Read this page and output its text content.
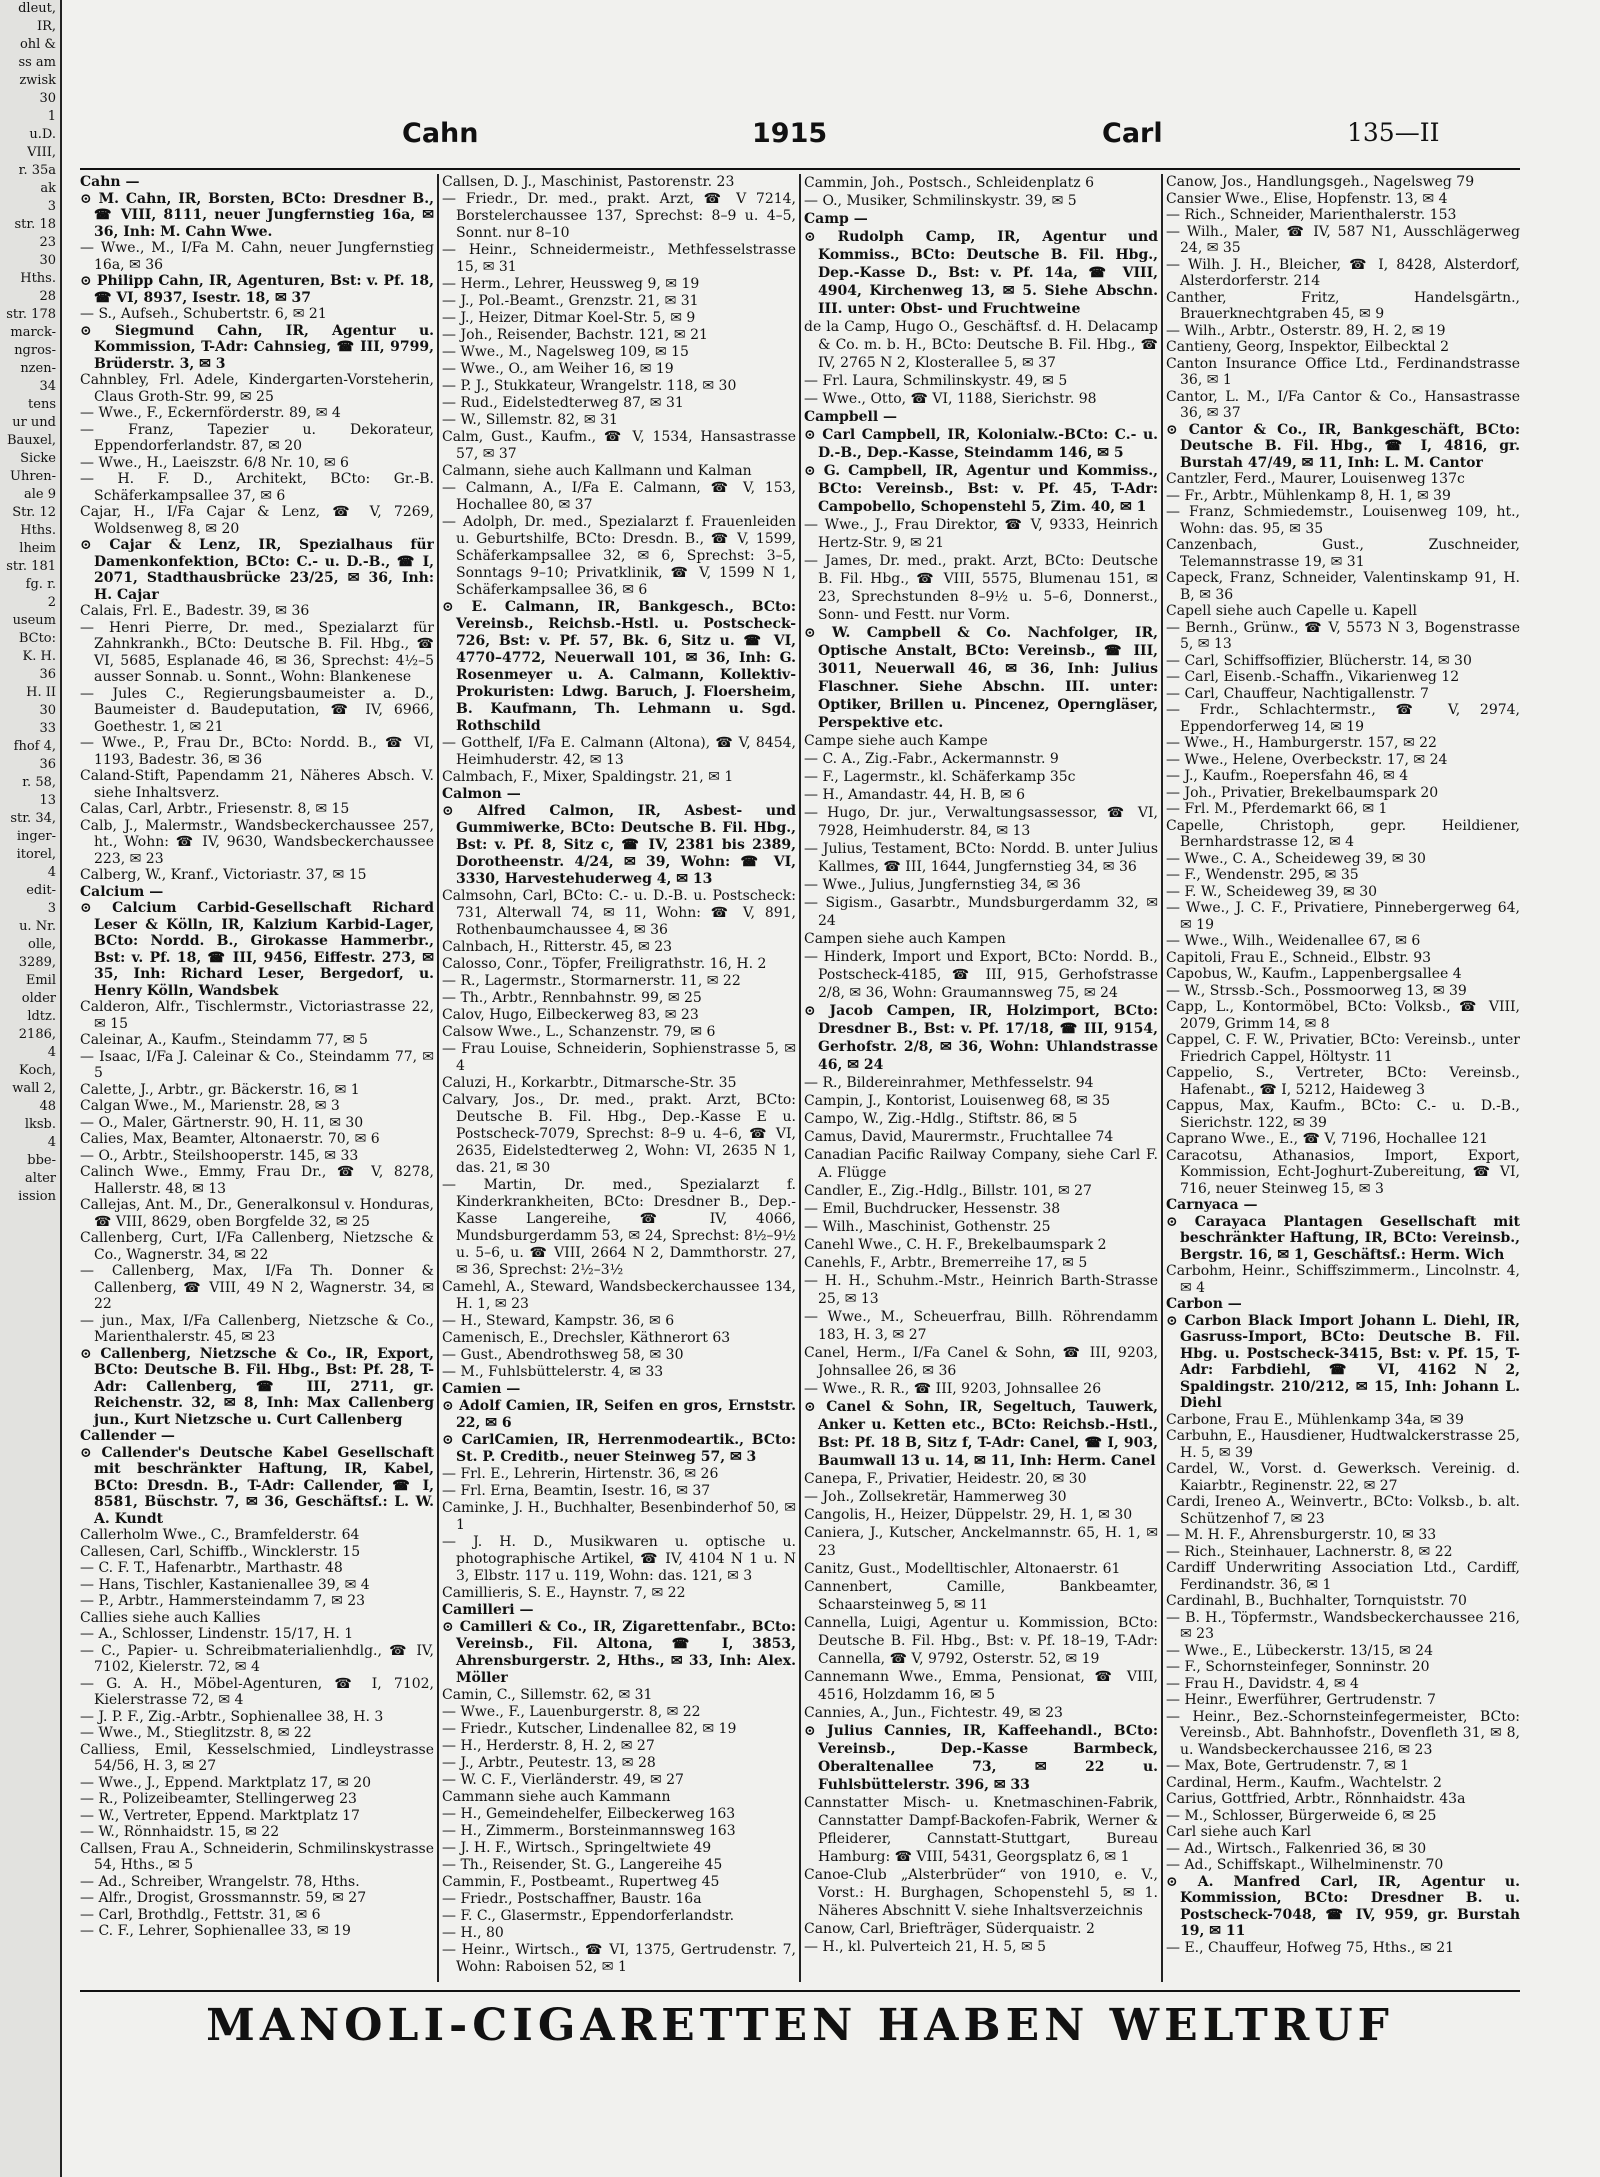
dleut,
IR,
ohl &
ss am
zwisk
30
1
u.D.
VIII,
r. 35a
ak
3
str. 18
23
30
Hths.
28
str. 178
marck-
ngros-
nzen-
34
tens
ur und
Bauxel,
Sicke
Uhren-
ale 9
Str. 12
Hths.
lheim
str. 181
fg. r.
2
useum
BCto:
K. H.
36
H. II
30
33
fhof 4,
36
r. 58,
13
str. 34,
inger-
itorel,
4
edit-
3
u. Nr.
olle,
3289,
Emil
older
ldtz.
2186,
4
Koch,
wall 2,
48
lksb.
4
bbe-
alter
ission
Cahn	1915	Carl	135—II

Cahn —

⊙ M. Cahn, IR, Borsten, BCto: Dresdner B., ☎ VIII, 8111, neuer Jungfernstieg 16a, ✉ 36, Inh: M. Cahn Wwe.

— Wwe., M., I/Fa M. Cahn, neuer Jungfernstieg 16a, ✉ 36

⊙ Philipp Cahn, IR, Agenturen, Bst: v. Pf. 18, ☎ VI, 8937, Isestr. 18, ✉ 37

— S., Aufseh., Schubertstr. 6, ✉ 21

⊙ Siegmund Cahn, IR, Agentur u. Kommission, T-Adr: Cahnsieg, ☎ III, 9799, Brüderstr. 3, ✉ 3

Cahnbley, Frl. Adele, Kindergarten-Vorsteherin, Claus Groth-Str. 99, ✉ 25

— Wwe., F., Eckernförderstr. 89, ✉ 4

— Franz, Tapezier u. Dekorateur, Eppendorferlandstr. 87, ✉ 20

— Wwe., H., Laeiszstr. 6/8 Nr. 10, ✉ 6

— H. F. D., Architekt, BCto: Gr.-B. Schäferkampsallee 37, ✉ 6

Cajar, H., I/Fa Cajar & Lenz, ☎ V, 7269, Woldsenweg 8, ✉ 20

⊙ Cajar & Lenz, IR, Spezialhaus für Damenkonfektion, BCto: C.- u. D.-B., ☎ I, 2071, Stadthausbrücke 23/25, ✉ 36, Inh: H. Cajar

Calais, Frl. E., Badestr. 39, ✉ 36

— Henri Pierre, Dr. med., Spezialarzt für Zahnkrankh., BCto: Deutsche B. Fil. Hbg., ☎ VI, 5685, Esplanade 46, ✉ 36, Sprechst: 4½–5 ausser Sonnab. u. Sonnt., Wohn: Blankenese

— Jules C., Regierungsbaumeister a. D., Baumeister d. Baudeputation, ☎ IV, 6966, Goethestr. 1, ✉ 21

— Wwe., P., Frau Dr., BCto: Nordd. B., ☎ VI, 1193, Badestr. 36, ✉ 36

Caland-Stift, Papendamm 21, Näheres Absch. V. siehe Inhaltsverz.

Calas, Carl, Arbtr., Friesenstr. 8, ✉ 15

Calb, J., Malermstr., Wandsbeckerchaussee 257, ht., Wohn: ☎ IV, 9630, Wandsbeckerchaussee 223, ✉ 23

Calberg, W., Kranf., Victoriastr. 37, ✉ 15

Calcium —

⊙ Calcium Carbid-Gesellschaft Richard Leser & Kölln, IR, Kalzium Karbid-Lager, BCto: Nordd. B., Girokasse Hammerbr., Bst: v. Pf. 18, ☎ III, 9456, Eiffestr. 273, ✉ 35, Inh: Richard Leser, Bergedorf, u. Henry Kölln, Wandsbek

Calderon, Alfr., Tischlermstr., Victoriastrasse 22, ✉ 15

Caleinar, A., Kaufm., Steindamm 77, ✉ 5

— Isaac, I/Fa J. Caleinar & Co., Steindamm 77, ✉ 5

Calette, J., Arbtr., gr. Bäckerstr. 16, ✉ 1

Calgan Wwe., M., Marienstr. 28, ✉ 3

— O., Maler, Gärtnerstr. 90, H. 11, ✉ 30

Calies, Max, Beamter, Altonaerstr. 70, ✉ 6

— O., Arbtr., Steilshooperstr. 145, ✉ 33

Calinch Wwe., Emmy, Frau Dr., ☎ V, 8278, Hallerstr. 48, ✉ 13

Callejas, Ant. M., Dr., Generalkonsul v. Honduras, ☎ VIII, 8629, oben Borgfelde 32, ✉ 25

Callenberg, Curt, I/Fa Callenberg, Nietzsche & Co., Wagnerstr. 34, ✉ 22

— Callenberg, Max, I/Fa Th. Donner & Callenberg, ☎ VIII, 49 N 2, Wagnerstr. 34, ✉ 22

— jun., Max, I/Fa Callenberg, Nietzsche & Co., Marienthalerstr. 45, ✉ 23

⊙ Callenberg, Nietzsche & Co., IR, Export, BCto: Deutsche B. Fil. Hbg., Bst: Pf. 28, T-Adr: Callenberg, ☎ III, 2711, gr. Reichenstr. 32, ✉ 8, Inh: Max Callenberg jun., Kurt Nietzsche u. Curt Callenberg

Callender —

⊙ Callender's Deutsche Kabel Gesellschaft mit beschränkter Haftung, IR, Kabel, BCto: Dresdn. B., T-Adr: Callender, ☎ I, 8581, Büschstr. 7, ✉ 36, Geschäftsf.: L. W. A. Kundt

Callerholm Wwe., C., Bramfelderstr. 64

Callesen, Carl, Schiffb., Wincklerstr. 15

— C. F. T., Hafenarbtr., Marthastr. 48

— Hans, Tischler, Kastanienallee 39, ✉ 4

— P., Arbtr., Hammersteindamm 7, ✉ 23

Callies siehe auch Kallies

— A., Schlosser, Lindenstr. 15/17, H. 1

— C., Papier- u. Schreibmaterialienhdlg., ☎ IV, 7102, Kielerstr. 72, ✉ 4

— G. A. H., Möbel-Agenturen, ☎ I, 7102, Kielerstrasse 72, ✉ 4

— J. P. F., Zig.-Arbtr., Sophienallee 38, H. 3

— Wwe., M., Stieglitzstr. 8, ✉ 22

Calliess, Emil, Kesselschmied, Lindleystrasse 54/56, H. 3, ✉ 27

— Wwe., J., Eppend. Marktplatz 17, ✉ 20

— R., Polizeibeamter, Stellingerweg 23

— W., Vertreter, Eppend. Marktplatz 17

— W., Rönnhaidstr. 15, ✉ 22

Callsen, Frau A., Schneiderin, Schmilinskystrasse 54, Hths., ✉ 5

— Ad., Schreiber, Wrangelstr. 78, Hths.

— Alfr., Drogist, Grossmannstr. 59, ✉ 27

— Carl, Brothdlg., Fettstr. 31, ✉ 6

— C. F., Lehrer, Sophienallee 33, ✉ 19

Callsen, D. J., Maschinist, Pastorenstr. 23

— Friedr., Dr. med., prakt. Arzt, ☎ V 7214, Borstelerchaussee 137, Sprechst: 8–9 u. 4–5, Sonnt. nur 8–10

— Heinr., Schneidermeistr., Methfesselstrasse 15, ✉ 31

— Herm., Lehrer, Heussweg 9, ✉ 19

— J., Pol.-Beamt., Grenzstr. 21, ✉ 31

— J., Heizer, Ditmar Koel-Str. 5, ✉ 9

— Joh., Reisender, Bachstr. 121, ✉ 21

— Wwe., M., Nagelsweg 109, ✉ 15

— Wwe., O., am Weiher 16, ✉ 19

— P. J., Stukkateur, Wrangelstr. 118, ✉ 30

— Rud., Eidelstedterweg 87, ✉ 31

— W., Sillemstr. 82, ✉ 31

Calm, Gust., Kaufm., ☎ V, 1534, Hansastrasse 57, ✉ 37

Calmann, siehe auch Kallmann und Kalman

— Calmann, A., I/Fa E. Calmann, ☎ V, 153, Hochallee 80, ✉ 37

— Adolph, Dr. med., Spezialarzt f. Frauenleiden u. Geburtshilfe, BCto: Dresdn. B., ☎ V, 1599, Schäferkampsallee 32, ✉ 6, Sprechst: 3–5, Sonntags 9–10; Privatklinik, ☎ V, 1599 N 1, Schäferkampsallee 36, ✉ 6

⊙ E. Calmann, IR, Bankgesch., BCto: Vereinsb., Reichsb.-Hstl. u. Postscheck-726, Bst: v. Pf. 57, Bk. 6, Sitz u. ☎ VI, 4770–4772, Neuerwall 101, ✉ 36, Inh: G. Rosenmeyer u. A. Calmann, Kollektiv-Prokuristen: Ldwg. Baruch, J. Floersheim, B. Kaufmann, Th. Lehmann u. Sgd. Rothschild

— Gotthelf, I/Fa E. Calmann (Altona), ☎ V, 8454, Heimhuderstr. 42, ✉ 13

Calmbach, F., Mixer, Spaldingstr. 21, ✉ 1

Calmon —

⊙ Alfred Calmon, IR, Asbest- und Gummiwerke, BCto: Deutsche B. Fil. Hbg., Bst: v. Pf. 8, Sitz c, ☎ IV, 2381 bis 2389, Dorotheenstr. 4/24, ✉ 39, Wohn: ☎ VI, 3330, Harvestehuderweg 4, ✉ 13

Calmsohn, Carl, BCto: C.- u. D.-B. u. Postscheck: 731, Alterwall 74, ✉ 11, Wohn: ☎ V, 891, Rothenbaumchaussee 4, ✉ 36

Calnbach, H., Ritterstr. 45, ✉ 23

Calosso, Conr., Töpfer, Freiligrathstr. 16, H. 2

— R., Lagermstr., Stormarnerstr. 11, ✉ 22

— Th., Arbtr., Rennbahnstr. 99, ✉ 25

Calov, Hugo, Eilbeckerweg 83, ✉ 23

Calsow Wwe., L., Schanzenstr. 79, ✉ 6

— Frau Louise, Schneiderin, Sophienstrasse 5, ✉ 4

Caluzi, H., Korkarbtr., Ditmarsche-Str. 35

Calvary, Jos., Dr. med., prakt. Arzt, BCto: Deutsche B. Fil. Hbg., Dep.-Kasse E u. Postscheck-7079, Sprechst: 8–9 u. 4–6, ☎ VI, 2635, Eidelstedterweg 2, Wohn: VI, 2635 N 1, das. 21, ✉ 30

— Martin, Dr. med., Spezialarzt f. Kinderkrankheiten, BCto: Dresdner B., Dep.-Kasse Langereihe, ☎ IV, 4066, Mundsburgerdamm 53, ✉ 24, Sprechst: 8½–9½ u. 5–6, u. ☎ VIII, 2664 N 2, Dammthorstr. 27, ✉ 36, Sprechst: 2½–3½

Camehl, A., Steward, Wandsbeckerchaussee 134, H. 1, ✉ 23

— H., Steward, Kampstr. 36, ✉ 6

Camenisch, E., Drechsler, Käthnerort 63

— Gust., Abendrothsweg 58, ✉ 30

— M., Fuhlsbüttelerstr. 4, ✉ 33

Camien —

⊙ Adolf Camien, IR, Seifen en gros, Ernststr. 22, ✉ 6

⊙ CarlCamien, IR, Herrenmodeartik., BCto: St. P. Creditb., neuer Steinweg 57, ✉ 3

— Frl. E., Lehrerin, Hirtenstr. 36, ✉ 26

— Frl. Erna, Beamtin, Isestr. 16, ✉ 37

Caminke, J. H., Buchhalter, Besenbinderhof 50, ✉ 1

— J. H. D., Musikwaren u. optische u. photographische Artikel, ☎ IV, 4104 N 1 u. N 3, Elbstr. 117 u. 119, Wohn: das. 121, ✉ 3

Camillieris, S. E., Haynstr. 7, ✉ 22

Camilleri —

⊙ Camilleri & Co., IR, Zigarettenfabr., BCto: Vereinsb., Fil. Altona, ☎ I, 3853, Ahrensburgerstr. 2, Hths., ✉ 33, Inh: Alex. Möller

Camin, C., Sillemstr. 62, ✉ 31

— Wwe., F., Lauenburgerstr. 8, ✉ 22

— Friedr., Kutscher, Lindenallee 82, ✉ 19

— H., Herderstr. 8, H. 2, ✉ 27

— J., Arbtr., Peutestr. 13, ✉ 28

— W. C. F., Vierländerstr. 49, ✉ 27

Cammann siehe auch Kammann

— H., Gemeindehelfer, Eilbeckerweg 163

— H., Zimmerm., Borsteinmannsweg 163

— J. H. F., Wirtsch., Springeltwiete 49

— Th., Reisender, St. G., Langereihe 45

Cammin, F., Postbeamt., Rupertweg 45

— Friedr., Postschaffner, Baustr. 16a

— F. C., Glasermstr., Eppendorferlandstr.

— H., 80

— Heinr., Wirtsch., ☎ VI, 1375, Gertrudenstr. 7, Wohn: Raboisen 52, ✉ 1

Cammin, Joh., Postsch., Schleidenplatz 6

— O., Musiker, Schmilinskystr. 39, ✉ 5

Camp —

⊙ Rudolph Camp, IR, Agentur und Kommiss., BCto: Deutsche B. Fil. Hbg., Dep.-Kasse D., Bst: v. Pf. 14a, ☎ VIII, 4904, Kirchenweg 13, ✉ 5. Siehe Abschn. III. unter: Obst- und Fruchtweine

de la Camp, Hugo O., Geschäftsf. d. H. Delacamp & Co. m. b. H., BCto: Deutsche B. Fil. Hbg., ☎ IV, 2765 N 2, Klosterallee 5, ✉ 37

— Frl. Laura, Schmilinskystr. 49, ✉ 5

— Wwe., Otto, ☎ VI, 1188, Sierichstr. 98

Campbell —

⊙ Carl Campbell, IR, Kolonialw.-BCto: C.- u. D.-B., Dep.-Kasse, Steindamm 146, ✉ 5

⊙ G. Campbell, IR, Agentur und Kommiss., BCto: Vereinsb., Bst: v. Pf. 45, T-Adr: Campobello, Schopenstehl 5, Zim. 40, ✉ 1

— Wwe., J., Frau Direktor, ☎ V, 9333, Heinrich Hertz-Str. 9, ✉ 21

— James, Dr. med., prakt. Arzt, BCto: Deutsche B. Fil. Hbg., ☎ VIII, 5575, Blumenau 151, ✉ 23, Sprechstunden 8–9½ u. 5–6, Donnerst., Sonn- und Festt. nur Vorm.

⊙ W. Campbell & Co. Nachfolger, IR, Optische Anstalt, BCto: Vereinsb., ☎ III, 3011, Neuerwall 46, ✉ 36, Inh: Julius Flaschner. Siehe Abschn. III. unter: Optiker, Brillen u. Pincenez, Operngläser, Perspektive etc.

Campe siehe auch Kampe

— C. A., Zig.-Fabr., Ackermannstr. 9

— F., Lagermstr., kl. Schäferkamp 35c

— H., Amandastr. 44, H. B, ✉ 6

— Hugo, Dr. jur., Verwaltungsassessor, ☎ VI, 7928, Heimhuderstr. 84, ✉ 13

— Julius, Testament, BCto: Nordd. B. unter Julius Kallmes, ☎ III, 1644, Jungfernstieg 34, ✉ 36

— Wwe., Julius, Jungfernstieg 34, ✉ 36

— Sigism., Gasarbtr., Mundsburgerdamm 32, ✉ 24

Campen siehe auch Kampen

— Hinderk, Import und Export, BCto: Nordd. B., Postscheck-4185, ☎ III, 915, Gerhofstrasse 2/8, ✉ 36, Wohn: Graumannsweg 75, ✉ 24

⊙ Jacob Campen, IR, Holzimport, BCto: Dresdner B., Bst: v. Pf. 17/18, ☎ III, 9154, Gerhofstr. 2/8, ✉ 36, Wohn: Uhlandstrasse 46, ✉ 24

— R., Bildereinrahmer, Methfesselstr. 94

Campin, J., Kontorist, Louisenweg 68, ✉ 35

Campo, W., Zig.-Hdlg., Stiftstr. 86, ✉ 5

Camus, David, Maurermstr., Fruchtallee 74

Canadian Pacific Railway Company, siehe Carl F. A. Flügge

Candler, E., Zig.-Hdlg., Billstr. 101, ✉ 27

— Emil, Buchdrucker, Hessenstr. 38

— Wilh., Maschinist, Gothenstr. 25

Canehl Wwe., C. H. F., Brekelbaumspark 2

Canehls, F., Arbtr., Bremerreihe 17, ✉ 5

— H. H., Schuhm.-Mstr., Heinrich Barth-Strasse 25, ✉ 13

— Wwe., M., Scheuerfrau, Billh. Röhrendamm 183, H. 3, ✉ 27

Canel, Herm., I/Fa Canel & Sohn, ☎ III, 9203, Johnsallee 26, ✉ 36

— Wwe., R. R., ☎ III, 9203, Johnsallee 26

⊙ Canel & Sohn, IR, Segeltuch, Tauwerk, Anker u. Ketten etc., BCto: Reichsb.-Hstl., Bst: Pf. 18 B, Sitz f, T-Adr: Canel, ☎ I, 903, Baumwall 13 u. 14, ✉ 11, Inh: Herm. Canel

Canepa, F., Privatier, Heidestr. 20, ✉ 30

— Joh., Zollsekretär, Hammerweg 30

Cangolis, H., Heizer, Düppelstr. 29, H. 1, ✉ 30

Caniera, J., Kutscher, Anckelmannstr. 65, H. 1, ✉ 23

Canitz, Gust., Modelltischler, Altonaerstr. 61

Cannenbert, Camille, Bankbeamter, Schaarsteinweg 5, ✉ 11

Cannella, Luigi, Agentur u. Kommission, BCto: Deutsche B. Fil. Hbg., Bst: v. Pf. 18–19, T-Adr: Cannella, ☎ V, 9792, Osterstr. 52, ✉ 19

Cannemann Wwe., Emma, Pensionat, ☎ VIII, 4516, Holzdamm 16, ✉ 5

Cannies, A., Jun., Fichtestr. 49, ✉ 23

⊙ Julius Cannies, IR, Kaffeehandl., BCto: Vereinsb., Dep.-Kasse Barmbeck, Oberaltenallee 73, ✉ 22 u. Fuhlsbüttelerstr. 396, ✉ 33

Cannstatter Misch- u. Knetmaschinen-Fabrik, Cannstatter Dampf-Backofen-Fabrik, Werner & Pfleiderer, Cannstatt-Stuttgart, Bureau Hamburg: ☎ VIII, 5431, Georgsplatz 6, ✉ 1

Canoe-Club „Alsterbrüder“ von 1910, e. V., Vorst.: H. Burghagen, Schopenstehl 5, ✉ 1. Näheres Abschnitt V. siehe Inhaltsverzeichnis

Canow, Carl, Briefträger, Süderquaistr. 2

— H., kl. Pulverteich 21, H. 5, ✉ 5

Canow, Jos., Handlungsgeh., Nagelsweg 79

Cansier Wwe., Elise, Hopfenstr. 13, ✉ 4

— Rich., Schneider, Marienthalerstr. 153

— Wilh., Maler, ☎ IV, 587 N1, Ausschlägerweg 24, ✉ 35

— Wilh. J. H., Bleicher, ☎ I, 8428, Alsterdorf, Alsterdorferstr. 214

Canther, Fritz, Handelsgärtn., Brauerknechtgraben 45, ✉ 9

— Wilh., Arbtr., Osterstr. 89, H. 2, ✉ 19

Cantieny, Georg, Inspektor, Eilbecktal 2

Canton Insurance Office Ltd., Ferdinandstrasse 36, ✉ 1

Cantor, L. M., I/Fa Cantor & Co., Hansastrasse 36, ✉ 37

⊙ Cantor & Co., IR, Bankgeschäft, BCto: Deutsche B. Fil. Hbg., ☎ I, 4816, gr. Burstah 47/49, ✉ 11, Inh: L. M. Cantor

Cantzler, Ferd., Maurer, Louisenweg 137c

— Fr., Arbtr., Mühlenkamp 8, H. 1, ✉ 39

— Franz, Schmiedemstr., Louisenweg 109, ht., Wohn: das. 95, ✉ 35

Canzenbach, Gust., Zuschneider, Telemannstrasse 19, ✉ 31

Capeck, Franz, Schneider, Valentinskamp 91, H. B, ✉ 36

Capell siehe auch Capelle u. Kapell

— Bernh., Grünw., ☎ V, 5573 N 3, Bogenstrasse 5, ✉ 13

— Carl, Schiffsoffizier, Blücherstr. 14, ✉ 30

— Carl, Eisenb.-Schaffn., Vikarienweg 12

— Carl, Chauffeur, Nachtigallenstr. 7

— Frdr., Schlachtermstr., ☎ V, 2974, Eppendorferweg 14, ✉ 19

— Wwe., H., Hamburgerstr. 157, ✉ 22

— Wwe., Helene, Overbeckstr. 17, ✉ 24

— J., Kaufm., Roepersfahn 46, ✉ 4

— Joh., Privatier, Brekelbaumspark 20

— Frl. M., Pferdemarkt 66, ✉ 1

Capelle, Christoph, gepr. Heildiener, Bernhardstrasse 12, ✉ 4

— Wwe., C. A., Scheideweg 39, ✉ 30

— F., Wendenstr. 295, ✉ 35

— F. W., Scheideweg 39, ✉ 30

— Wwe., J. C. F., Privatiere, Pinnebergerweg 64, ✉ 19

— Wwe., Wilh., Weidenallee 67, ✉ 6

Capitoli, Frau E., Schneid., Elbstr. 93

Capobus, W., Kaufm., Lappenbergsallee 4

— W., Strssb.-Sch., Possmoorweg 13, ✉ 39

Capp, L., Kontormöbel, BCto: Volksb., ☎ VIII, 2079, Grimm 14, ✉ 8

Cappel, C. F. W., Privatier, BCto: Vereinsb., unter Friedrich Cappel, Höltystr. 11

Cappelio, S., Vertreter, BCto: Vereinsb., Hafenabt., ☎ I, 5212, Haideweg 3

Cappus, Max, Kaufm., BCto: C.- u. D.-B., Sierichstr. 122, ✉ 39

Caprano Wwe., E., ☎ V, 7196, Hochallee 121

Caracotsu, Athanasios, Import, Export, Kommission, Echt-Joghurt-Zubereitung, ☎ VI, 716, neuer Steinweg 15, ✉ 3

Carnyaca —

⊙ Carayaca Plantagen Gesellschaft mit beschränkter Haftung, IR, BCto: Vereinsb., Bergstr. 16, ✉ 1, Geschäftsf.: Herm. Wich

Carbohm, Heinr., Schiffszimmerm., Lincolnstr. 4, ✉ 4

Carbon —

⊙ Carbon Black Import Johann L. Diehl, IR, Gasruss-Import, BCto: Deutsche B. Fil. Hbg. u. Postscheck-3415, Bst: v. Pf. 15, T-Adr: Farbdiehl, ☎ VI, 4162 N 2, Spaldingstr. 210/212, ✉ 15, Inh: Johann L. Diehl

Carbone, Frau E., Mühlenkamp 34a, ✉ 39

Carbuhn, E., Hausdiener, Hudtwalckerstrasse 25, H. 5, ✉ 39

Cardel, W., Vorst. d. Gewerksch. Vereinig. d. Kaiarbtr., Reginenstr. 22, ✉ 27

Cardi, Ireneo A., Weinvertr., BCto: Volksb., b. alt. Schützenhof 7, ✉ 23

— M. H. F., Ahrensburgerstr. 10, ✉ 33

— Rich., Steinhauer, Lachnerstr. 8, ✉ 22

Cardiff Underwriting Association Ltd., Cardiff, Ferdinandstr. 36, ✉ 1

Cardinahl, B., Buchhalter, Tornquiststr. 70

— B. H., Töpfermstr., Wandsbeckerchaussee 216, ✉ 23

— Wwe., E., Lübeckerstr. 13/15, ✉ 24

— F., Schornsteinfeger, Sonninstr. 20

— Frau H., Davidstr. 4, ✉ 4

— Heinr., Ewerführer, Gertrudenstr. 7

— Heinr., Bez.-Schornsteinfegermeister, BCto: Vereinsb., Abt. Bahnhofstr., Dovenfleth 31, ✉ 8, u. Wandsbeckerchaussee 216, ✉ 23

— Max, Bote, Gertrudenstr. 7, ✉ 1

Cardinal, Herm., Kaufm., Wachtelstr. 2

Carius, Gottfried, Arbtr., Rönnhaidstr. 43a

— M., Schlosser, Bürgerweide 6, ✉ 25

Carl siehe auch Karl

— Ad., Wirtsch., Falkenried 36, ✉ 30

— Ad., Schiffskapt., Wilhelminenstr. 70

⊙ A. Manfred Carl, IR, Agentur u. Kommission, BCto: Dresdner B. u. Postscheck-7048, ☎ IV, 959, gr. Burstah 19, ✉ 11

— E., Chauffeur, Hofweg 75, Hths., ✉ 21

MANOLI-CIGARETTEN HABEN WELTRUF
